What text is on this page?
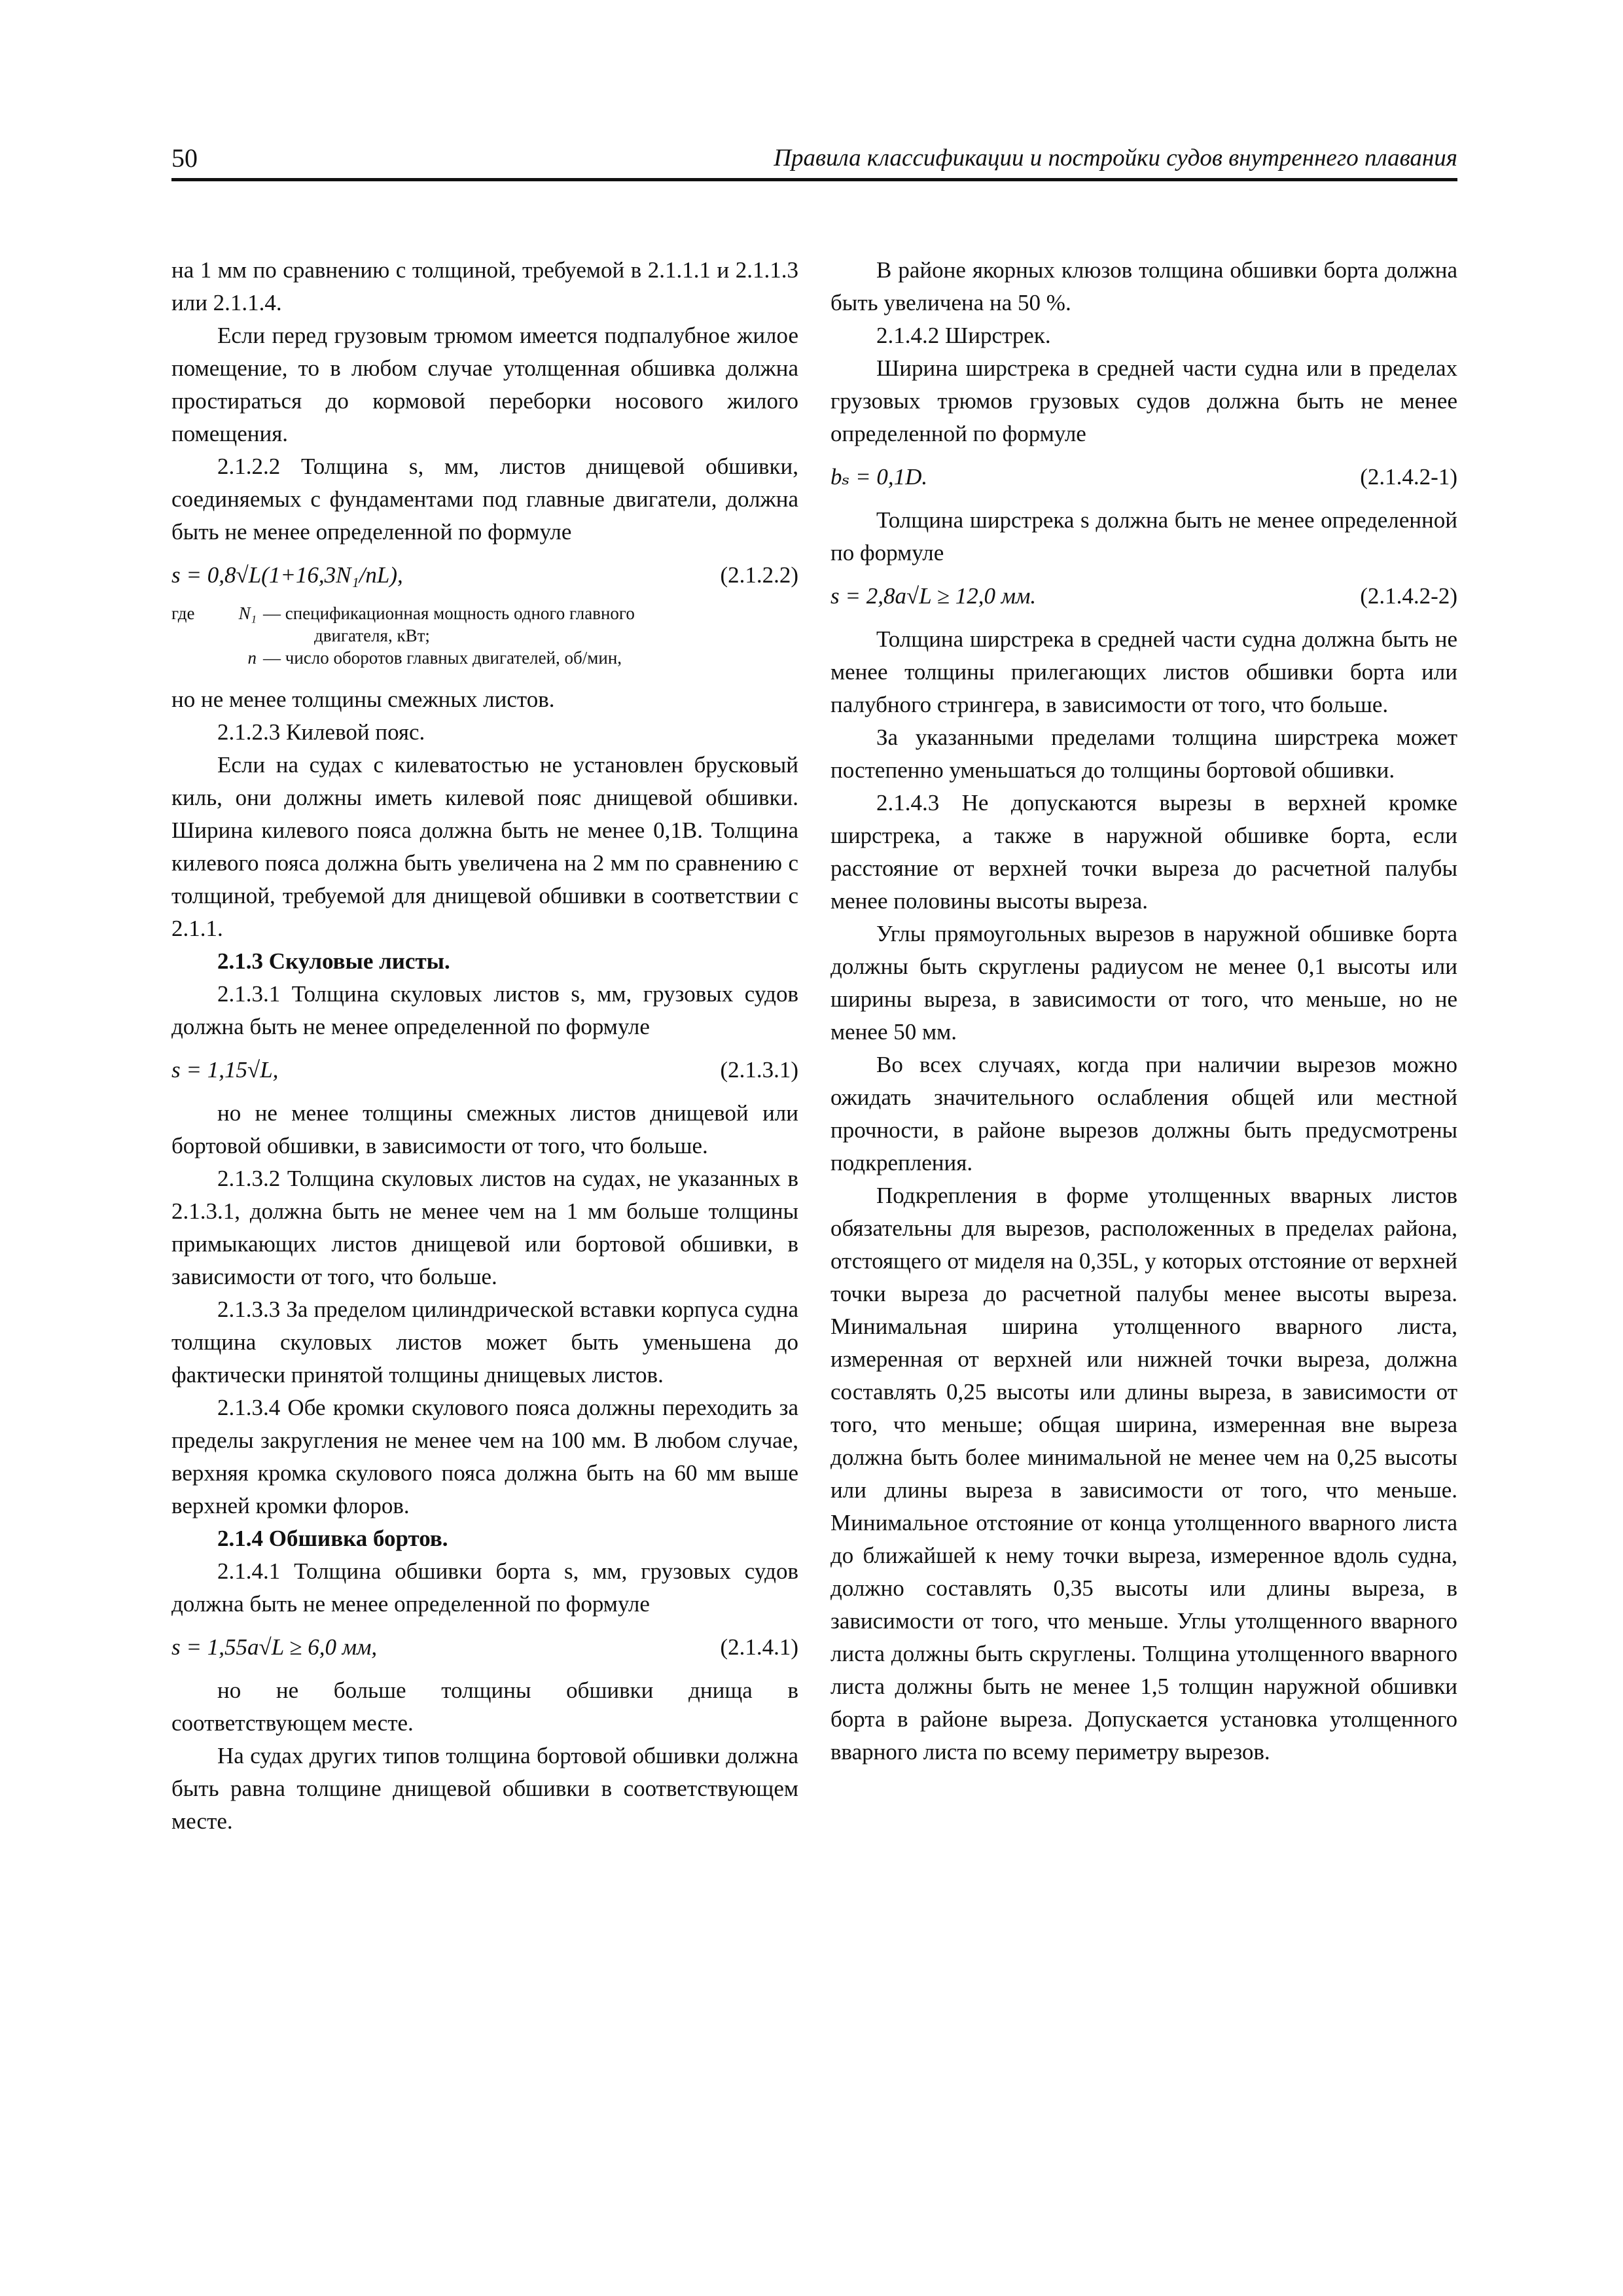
50	Правила классификации и постройки судов внутреннего плавания

на 1 мм по сравнению с толщиной, требуемой в 2.1.1.1 и 2.1.1.3 или 2.1.1.4.

Если перед грузовым трюмом имеется подпалубное жилое помещение, то в любом случае утолщенная обшивка должна простираться до кормовой переборки носового жилого помещения.

2.1.2.2 Толщина s, мм, листов днищевой обшивки, соединяемых с фундаментами под главные двигатели, должна быть не менее определенной по формуле

s = 0,8√L(1+16,3N₁/nL),	(2.1.2.2)
где	N₁ — спецификационная мощность одного главного
двигателя, кВт;
n — число оборотов главных двигателей, об/мин,

но не менее толщины смежных листов.

2.1.2.3 Килевой пояс.

Если на судах с килеватостью не установлен брусковый киль, они должны иметь килевой пояс днищевой обшивки. Ширина килевого пояса должна быть не менее 0,1B. Толщина килевого пояса должна быть увеличена на 2 мм по сравнению с толщиной, требуемой для днищевой обшивки в соответствии с 2.1.1.

2.1.3 Скуловые листы.

2.1.3.1 Толщина скуловых листов s, мм, грузовых судов должна быть не менее определенной по формуле

s = 1,15√L,	(2.1.3.1)

но не менее толщины смежных листов днищевой или бортовой обшивки, в зависимости от того, что больше.

2.1.3.2 Толщина скуловых листов на судах, не указанных в 2.1.3.1, должна быть не менее чем на 1 мм больше толщины примыкающих листов днищевой или бортовой обшивки, в зависимости от того, что больше.

2.1.3.3 За пределом цилиндрической вставки корпуса судна толщина скуловых листов может быть уменьшена до фактически принятой толщины днищевых листов.

2.1.3.4 Обе кромки скулового пояса должны переходить за пределы закругления не менее чем на 100 мм. В любом случае, верхняя кромка скулового пояса должна быть на 60 мм выше верхней кромки флоров.

2.1.4 Обшивка бортов.

2.1.4.1 Толщина обшивки борта s, мм, грузовых судов должна быть не менее определенной по формуле

s = 1,55a√L ≥ 6,0 мм,	(2.1.4.1)

но не больше толщины обшивки днища в соответствующем месте.

На судах других типов толщина бортовой обшивки должна быть равна толщине днищевой обшивки в соответствующем месте.

В районе якорных клюзов толщина обшивки борта должна быть увеличена на 50 %.

2.1.4.2 Ширстрек.

Ширина ширстрека в средней части судна или в пределах грузовых трюмов грузовых судов должна быть не менее определенной по формуле

bₛ = 0,1D.	(2.1.4.2-1)

Толщина ширстрека s должна быть не менее определенной по формуле

s = 2,8a√L ≥ 12,0 мм.	(2.1.4.2-2)

Толщина ширстрека в средней части судна должна быть не менее толщины прилегающих листов обшивки борта или палубного стрингера, в зависимости от того, что больше.

За указанными пределами толщина ширстрека может постепенно уменьшаться до толщины бортовой обшивки.

2.1.4.3 Не допускаются вырезы в верхней кромке ширстрека, а также в наружной обшивке борта, если расстояние от верхней точки выреза до расчетной палубы менее половины высоты выреза.

Углы прямоугольных вырезов в наружной обшивке борта должны быть скруглены радиусом не менее 0,1 высоты или ширины выреза, в зависимости от того, что меньше, но не менее 50 мм.

Во всех случаях, когда при наличии вырезов можно ожидать значительного ослабления общей или местной прочности, в районе вырезов должны быть предусмотрены подкрепления.

Подкрепления в форме утолщенных вварных листов обязательны для вырезов, расположенных в пределах района, отстоящего от миделя на 0,35L, у которых отстояние от верхней точки выреза до расчетной палубы менее высоты выреза. Минимальная ширина утолщенного вварного листа, измеренная от верхней или нижней точки выреза, должна составлять 0,25 высоты или длины выреза, в зависимости от того, что меньше; общая ширина, измеренная вне выреза должна быть более минимальной не менее чем на 0,25 высоты или длины выреза в зависимости от того, что меньше. Минимальное отстояние от конца утолщенного вварного листа до ближайшей к нему точки выреза, измеренное вдоль судна, должно составлять 0,35 высоты или длины выреза, в зависимости от того, что меньше. Углы утолщенного вварного листа должны быть скруглены. Толщина утолщенного вварного листа должны быть не менее 1,5 толщин наружной обшивки борта в районе выреза. Допускается установка утолщенного вварного листа по всему периметру вырезов.
